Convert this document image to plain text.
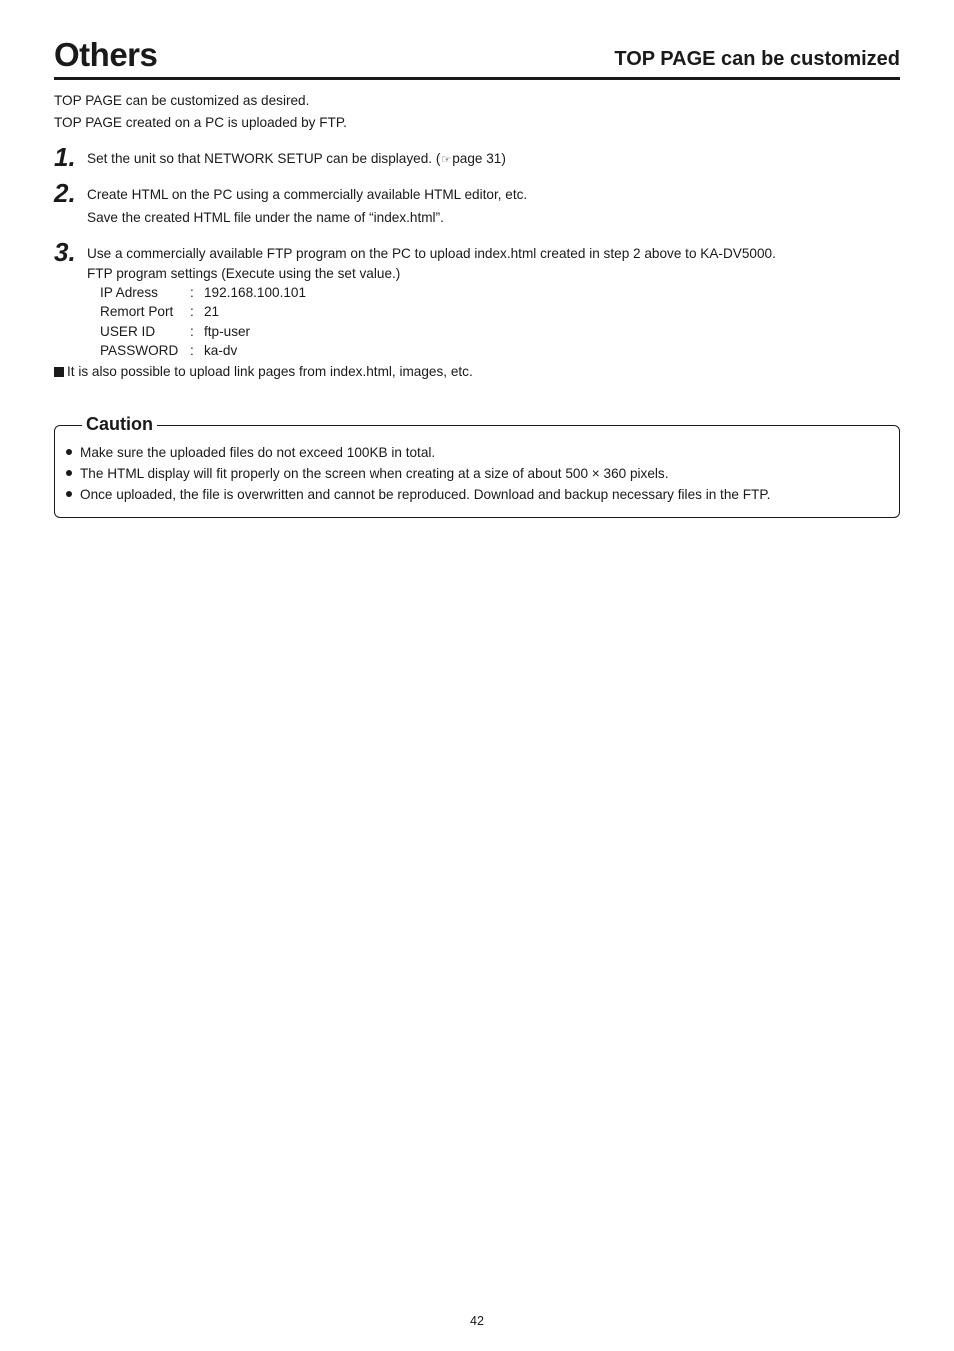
Others	TOP PAGE can be customized
TOP PAGE can be customized as desired.
TOP PAGE created on a PC is uploaded by FTP.
1. Set the unit so that NETWORK SETUP can be displayed. (☞page 31)
2. Create HTML on the PC using a commercially available HTML editor, etc.
Save the created HTML file under the name of “index.html”.
3. Use a commercially available FTP program on the PC to upload index.html created in step 2 above to KA-DV5000.
FTP program settings (Execute using the set value.)
IP Adress : 192.168.100.101
Remort Port : 21
USER ID	: ftp-user
PASSWORD : ka-dv
It is also possible to upload link pages from index.html, images, etc.
Caution
Make sure the uploaded files do not exceed 100KB in total.
The HTML display will fit properly on the screen when creating at a size of about 500 × 360 pixels.
Once uploaded, the file is overwritten and cannot be reproduced. Download and backup necessary files in the FTP.
42
